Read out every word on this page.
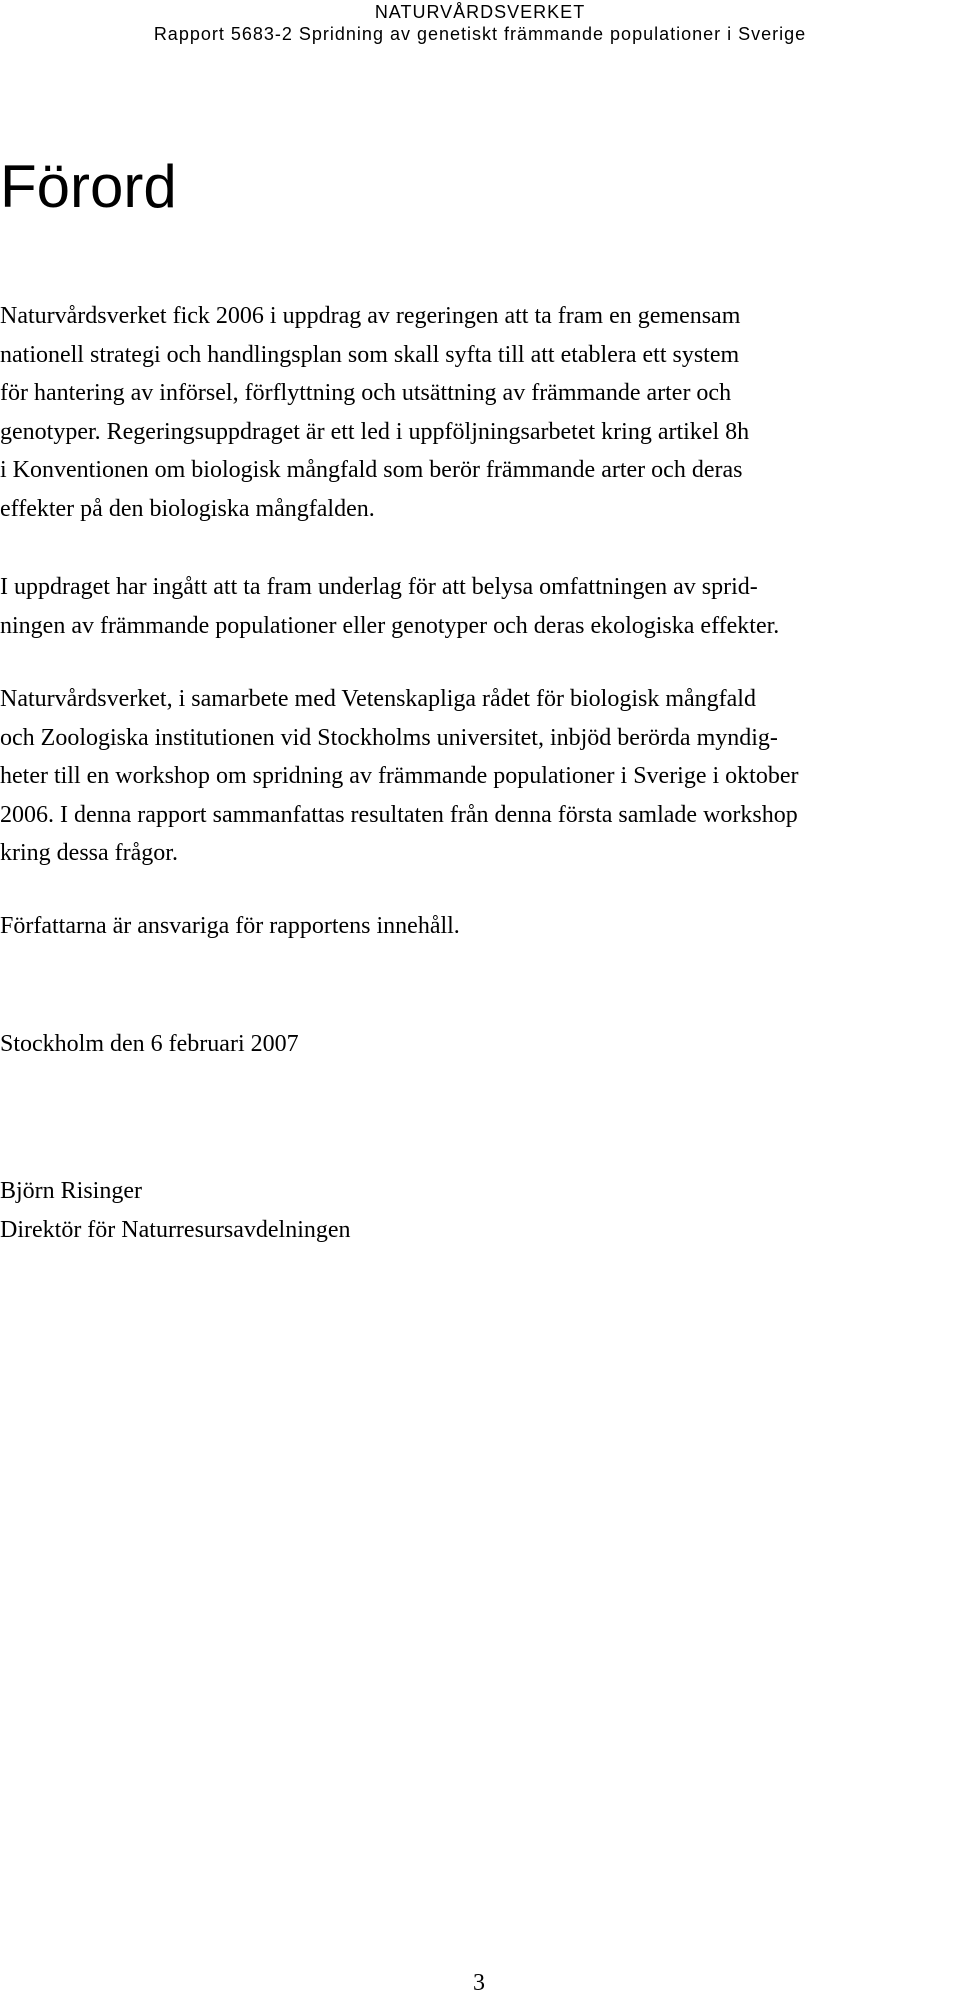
NATURVÅRDSVERKET
Rapport 5683-2 Spridning av genetiskt främmande populationer i Sverige
Förord
Naturvårdsverket fick 2006 i uppdrag av regeringen att ta fram en gemensam
nationell strategi och handlingsplan som skall syfta till att etablera ett system
för hantering av införsel, förflyttning och utsättning av främmande arter och
genotyper. Regeringsuppdraget är ett led i uppföljningsarbetet kring artikel 8h
i Konventionen om biologisk mångfald som berör främmande arter och deras
effekter på den biologiska mångfalden.
I uppdraget har ingått att ta fram underlag för att belysa omfattningen av sprid-
ningen av främmande populationer eller genotyper och deras ekologiska effekter.
Naturvårdsverket, i samarbete med Vetenskapliga rådet för biologisk mångfald
och Zoologiska institutionen vid Stockholms universitet, inbjöd berörda myndig-
heter till en workshop om spridning av främmande populationer i Sverige i oktober
2006. I denna rapport sammanfattas resultaten från denna första samlade workshop
kring dessa frågor.
Författarna är ansvariga för rapportens innehåll.
Stockholm den 6 februari 2007
Björn Risinger
Direktör för Naturresursavdelningen
3
